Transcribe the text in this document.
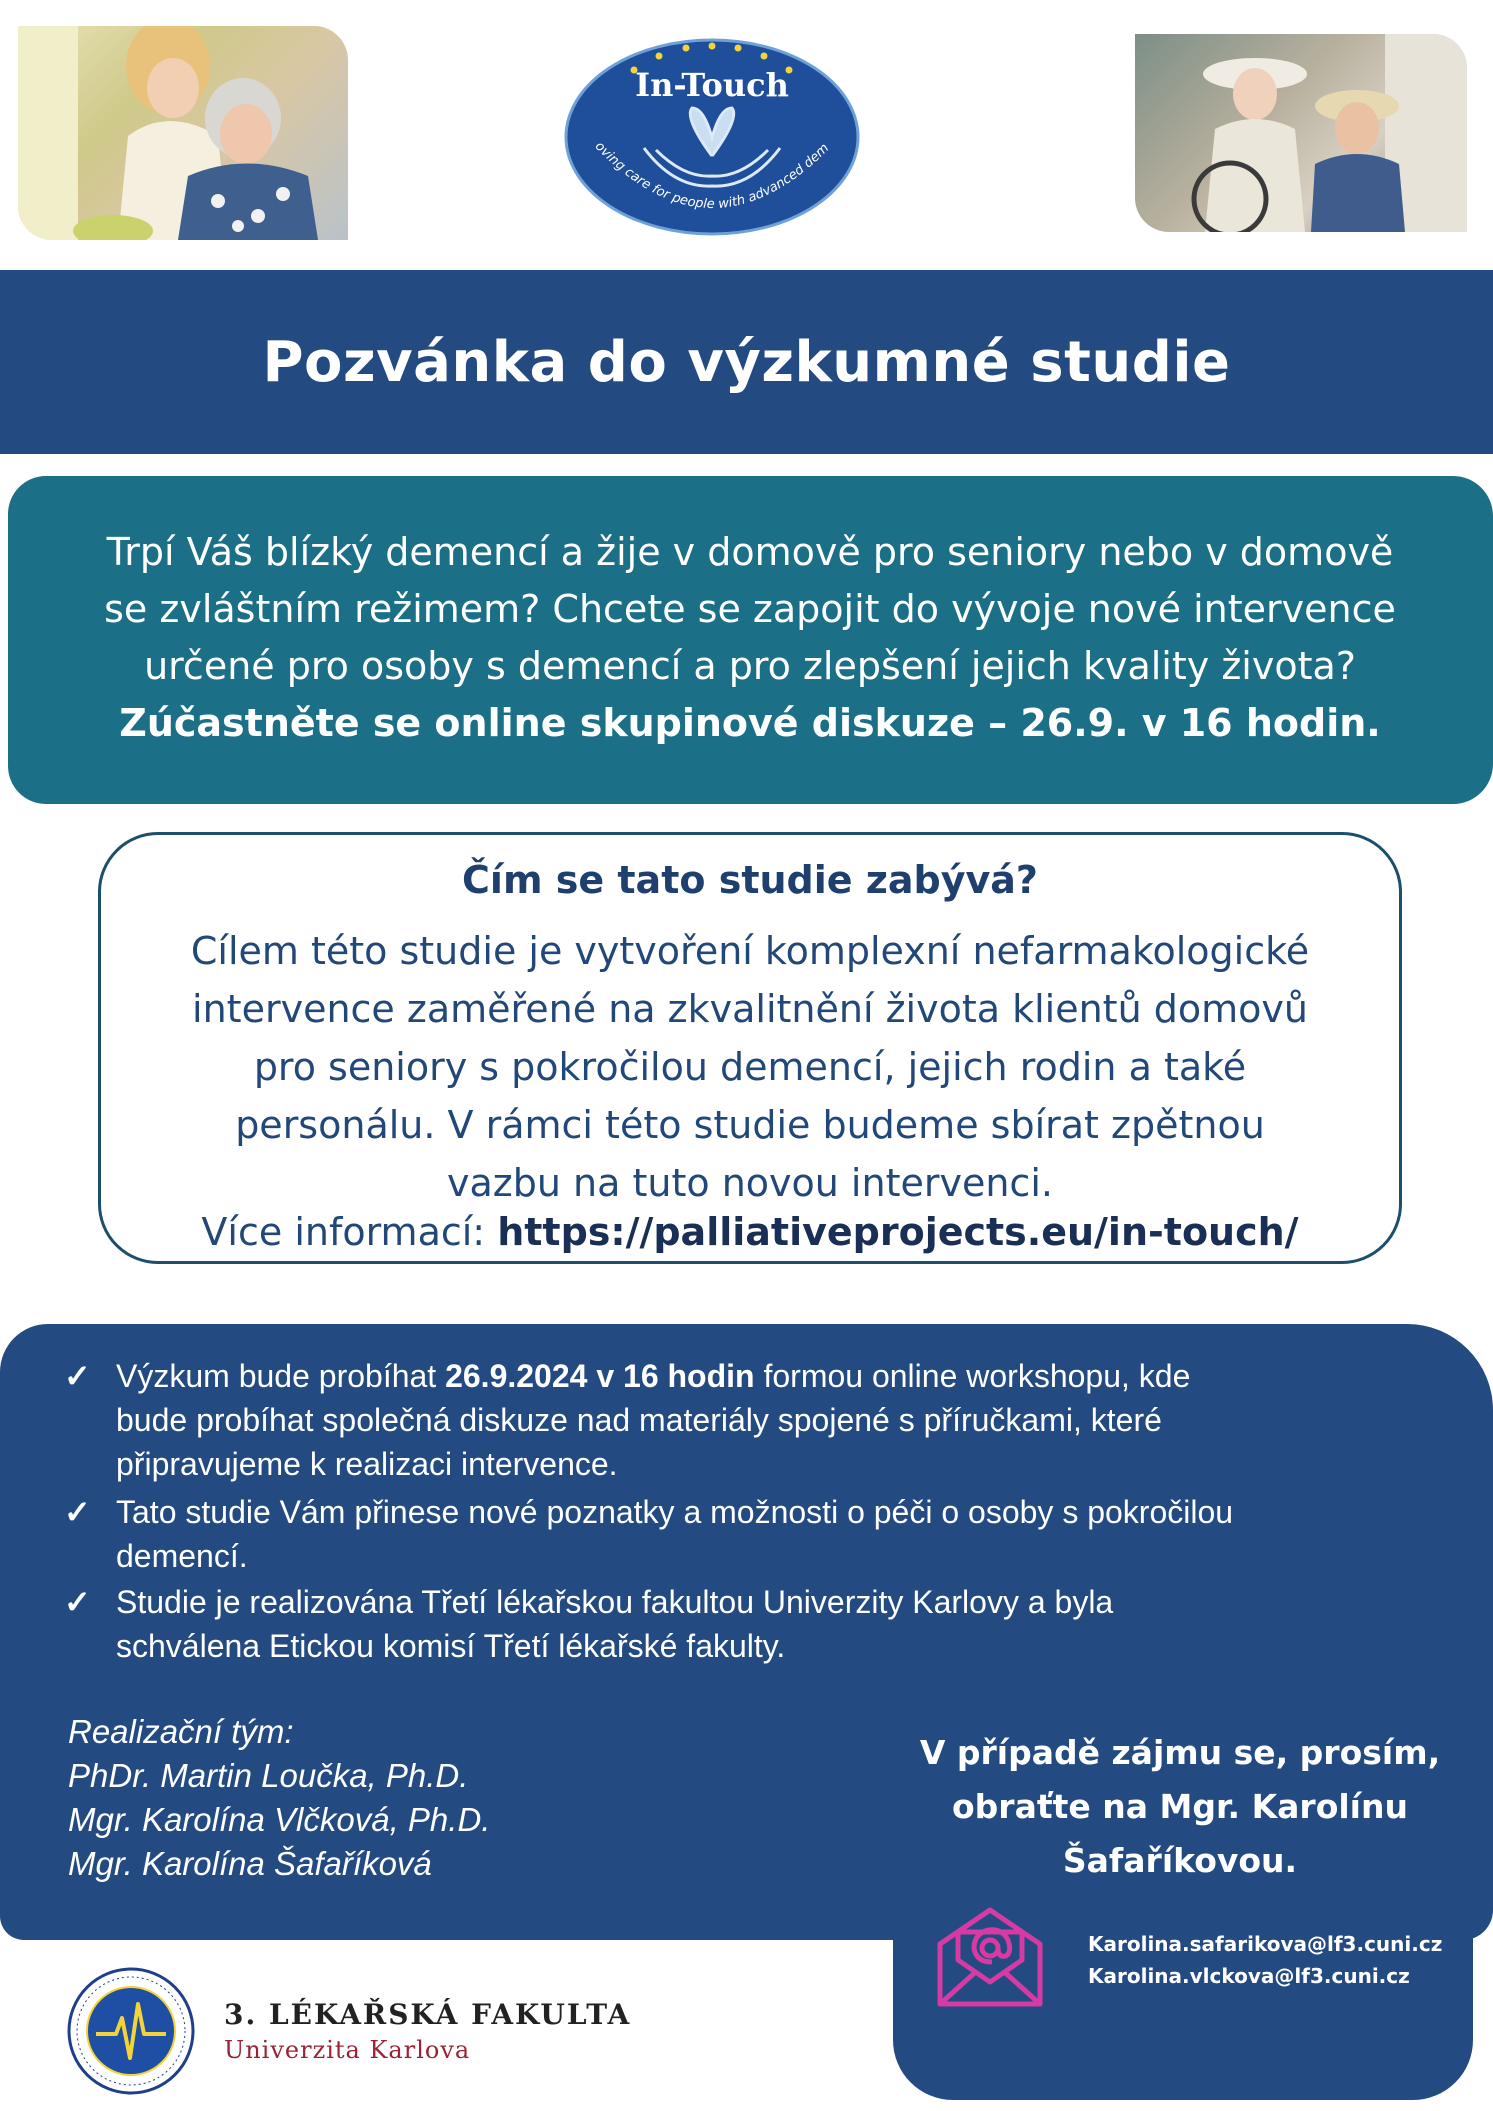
In-Touch
oving care for people with advanced dem
Pozvánka do výzkumné studie
Trpí Váš blízký demencí a žije v domově pro seniory nebo v domově
se zvláštním režimem? Chcete se zapojit do vývoje nové intervence
určené pro osoby s demencí a pro zlepšení jejich kvality života?
Zúčastněte se online skupinové diskuze – 26.9. v 16 hodin.
Čím se tato studie zabývá?
Cílem této studie je vytvoření komplexní nefarmakologické
intervence zaměřené na zkvalitnění života klientů domovů
pro seniory s pokročilou demencí, jejich rodin a také
personálu. V rámci této studie budeme sbírat zpětnou
vazbu na tuto novou intervenci.
Více informací: https://palliativeprojects.eu/in-touch/
✓ Výzkum bude probíhat 26.9.2024 v 16 hodin formou online workshopu, kde
bude probíhat společná diskuze nad materiály spojené s příručkami, které
připravujeme k realizaci intervence.
✓ Tato studie Vám přinese nové poznatky a možnosti o péči o osoby s pokročilou
demencí.
✓ Studie je realizována Třetí lékařskou fakultou Univerzity Karlovy a byla
schválena Etickou komisí Třetí lékařské fakulty.
Realizační tým:
PhDr. Martin Loučka, Ph.D.
Mgr. Karolína Vlčková, Ph.D.
Mgr. Karolína Šafaříková
V případě zájmu se, prosím,
obraťte na Mgr. Karolínu
Šafaříkovou.
Karolina.safarikova@lf3.cuni.cz
Karolina.vlckova@lf3.cuni.cz
3. LÉKAŘSKÁ FAKULTA
Univerzita Karlova
